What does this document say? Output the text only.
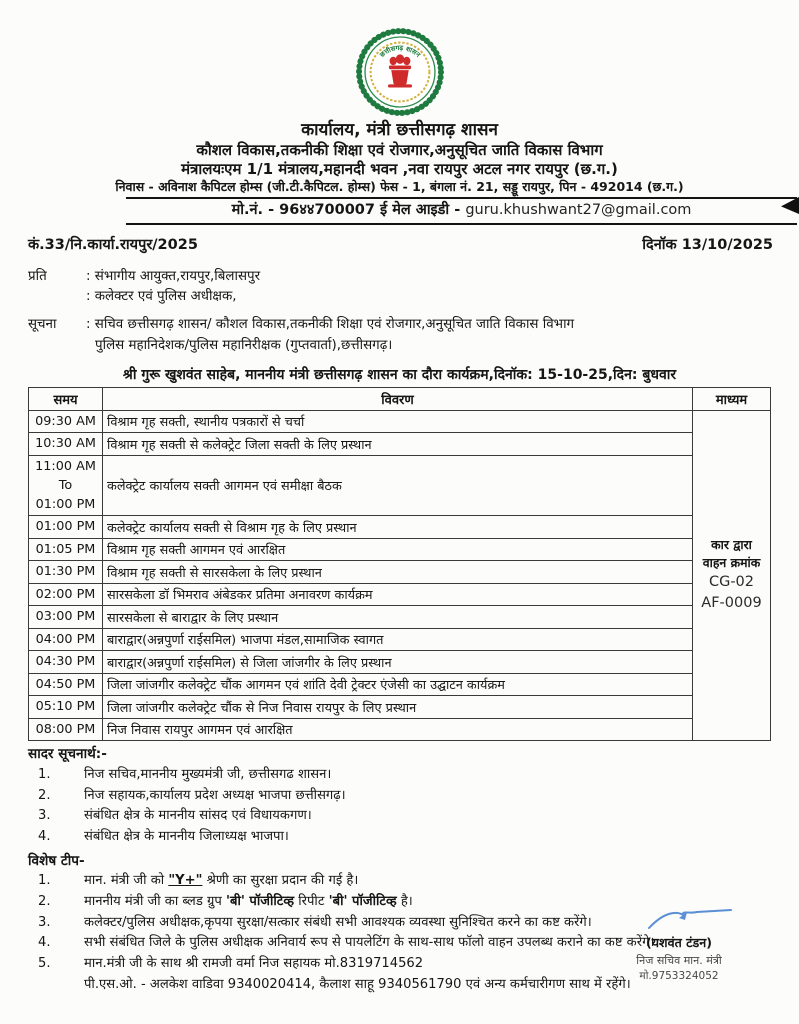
छत्तीसगढ़ शासन
कार्यालय, मंत्री छत्तीसगढ़ शासन
कौशल विकास,तकनीकी शिक्षा एवं रोजगार,अनुसूचित जाति विकास विभाग
मंत्रालयःएम 1/1 मंत्रालय,महानदी भवन ,नवा रायपुर अटल नगर रायपुर (छ.ग.)
निवास - अविनाश कैपिटल होम्स (जी.टी.कैपिटल. होम्स) फेस - 1, बंगला नं. 21, सड्डू रायपुर, पिन - 492014 (छ.ग.)
मो.नं. - 96४४700007 ई मेल आइडी - guru.khushwant27@gmail.com
कं.33/नि.कार्या.रायपुर/2025	दिनॉक 13/10/2025
प्रति	: संभागीय आयुक्त,रायपुर,बिलासपुर
: कलेक्टर एवं पुलिस अधीक्षक,
सूचना	: सचिव छत्तीसगढ़ शासन/ कौशल विकास,तकनीकी शिक्षा एवं रोजगार,अनुसूचित जाति विकास विभाग
पुलिस महानिदेशक/पुलिस महानिरीक्षक (गुप्तवार्ता),छत्तीसगढ़।
श्री गुरू खुशवंत साहेब, माननीय मंत्री छत्तीसगढ़ शासन का दौरा कार्यक्रम,दिनॉक: 15-10-25,दिन: बुधवार
समय	विवरण	माध्यम
09:30 AM	विश्राम गृह सक्ती, स्थानीय पत्रकारों से चर्चा	कार द्वारा
वाहन क्रमांक
CG-02
AF-0009

10:30 AM	विश्राम गृह सक्ती से कलेक्ट्रेट जिला सक्ती के लिए प्रस्थान	
11:00 AM
To
01:00 PM	कलेक्ट्रेट कार्यालय सक्ती आगमन एवं समीक्षा बैठक	
01:00 PM	कलेक्ट्रेट कार्यालय सक्ती से विश्राम गृह के लिए प्रस्थान	
01:05 PM	विश्राम गृह सक्ती आगमन एवं आरक्षित	
01:30 PM	विश्राम गृह सक्ती से सारसकेला के लिए प्रस्थान	
02:00 PM	सारसकेला डॉ भिमराव अंबेडकर प्रतिमा अनावरण कार्यक्रम	
03:00 PM	सारसकेला से बाराद्वार के लिए प्रस्थान	
04:00 PM	बाराद्वार(अन्नपुर्णा राईसमिल) भाजपा मंडल,सामाजिक स्वागत	
04:30 PM	बाराद्वार(अन्नपुर्णा राईसमिल) से जिला जांजगीर के लिए प्रस्थान	
04:50 PM	जिला जांजगीर कलेक्ट्रेट चौंक आगमन एवं शांति देवी ट्रेक्टर एंजेसी का उद्घाटन कार्यक्रम	
05:10 PM	जिला जांजगीर कलेक्ट्रेट चौंक से निज निवास रायपुर के लिए प्रस्थान	
08:00 PM	निज निवास रायपुर आगमन एवं आरक्षित	
सादर सूचनार्थ:-
1.	निज सचिव,माननीय मुख्यमंत्री जी, छत्तीसगढ शासन।
2.	निज सहायक,कार्यालय प्रदेश अध्यक्ष भाजपा छत्तीसगढ़।
3.	संबंधित क्षेत्र के माननीय सांसद एवं विधायकगण।
4.	संबंधित क्षेत्र के माननीय जिलाध्यक्ष भाजपा।
विशेष टीप-
1.	मान. मंत्री जी को "Y+" श्रेणी का सुरक्षा प्रदान की गई है।
2.	माननीय मंत्री जी का ब्लड ग्रुप 'बी' पॉजीटिव्ह रिपीट 'बी' पॉजीटिव्ह है।
3.	कलेक्टर/पुलिस अधीक्षक,कृपया सुरक्षा/सत्कार संबंधी सभी आवश्यक व्यवस्था सुनिश्चित करने का कष्ट करेंगे।
4.	सभी संबंधित जिले के पुलिस अधीक्षक अनिवार्य रूप से पायलेटिंग के साथ-साथ फॉलो वाहन उपलब्ध कराने का कष्ट करेंगे।
5.	मान.मंत्री जी के साथ श्री रामजी वर्मा निज सहायक मो.8319714562
पी.एस.ओ. - अलकेश वाडिवा 9340020414, कैलाश साहू 9340561790 एवं अन्य कर्मचारीगण साथ में रहेंगे।
(यशवंत टंडन)
निज सचिव मान. मंत्री
मो.9753324052
